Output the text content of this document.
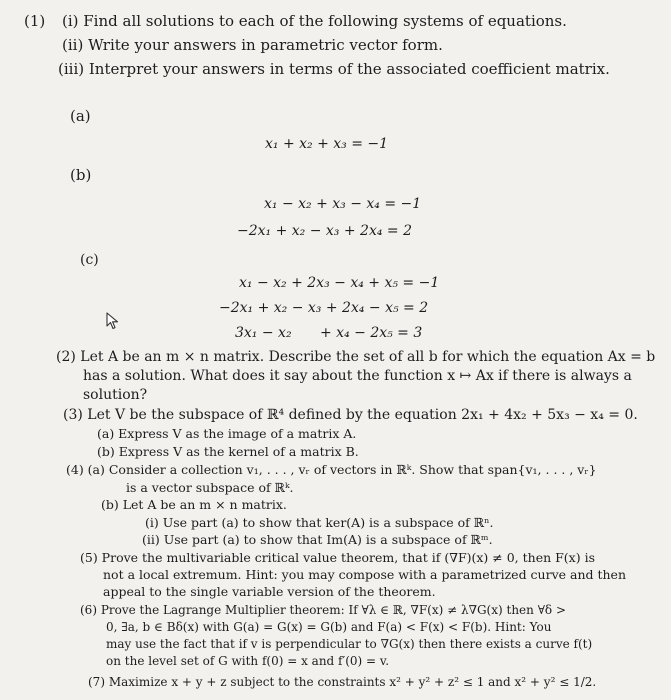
(1) (i) Find all solutions to each of the following systems of equations.
(ii) Write your answers in parametric vector form.
(iii) Interpret your answers in terms of the associated coefficient matrix.
(a)
x₁ + x₂ + x₃ = −1
(b)
x₁ − x₂ + x₃ − x₄ = −1
−2x₁ + x₂ − x₃ + 2x₄ = 2
(c)
x₁ − x₂ + 2x₃ − x₄ + x₅ = −1
−2x₁ + x₂ − x₃ + 2x₄ − x₅ = 2
3x₁ − x₂ + x₄ − 2x₅ = 3
(2) Let A be an m × n matrix. Describe the set of all b for which the equation Ax = b
has a solution. What does it say about the function x ↦ Ax if there is always a
solution?
(3) Let V be the subspace of ℝ⁴ defined by the equation 2x₁ + 4x₂ + 5x₃ − x₄ = 0.
(a) Express V as the image of a matrix A.
(b) Express V as the kernel of a matrix B.
(4) (a) Consider a collection v₁, . . . , vᵣ of vectors in ℝᵏ. Show that span{v₁, . . . , vᵣ}
is a vector subspace of ℝᵏ.
(b) Let A be an m × n matrix.
(i) Use part (a) to show that ker(A) is a subspace of ℝⁿ.
(ii) Use part (a) to show that Im(A) is a subspace of ℝᵐ.
(5) Prove the multivariable critical value theorem, that if (∇F)(x) ≠ 0, then F(x) is
not a local extremum. Hint: you may compose with a parametrized curve and then
appeal to the single variable version of the theorem.
(6) Prove the Lagrange Multiplier theorem: If ∀λ ∈ ℝ, ∇F(x) ≠ λ∇G(x) then ∀δ >
0, ∃a, b ∈ Bδ(x) with G(a) = G(x) = G(b) and F(a) < F(x) < F(b). Hint: You
may use the fact that if v is perpendicular to ∇G(x) then there exists a curve f(t)
on the level set of G with f(0) = x and f′(0) = v.
(7) Maximize x + y + z subject to the constraints x² + y² + z² ≤ 1 and x² + y² ≤ 1/2.
